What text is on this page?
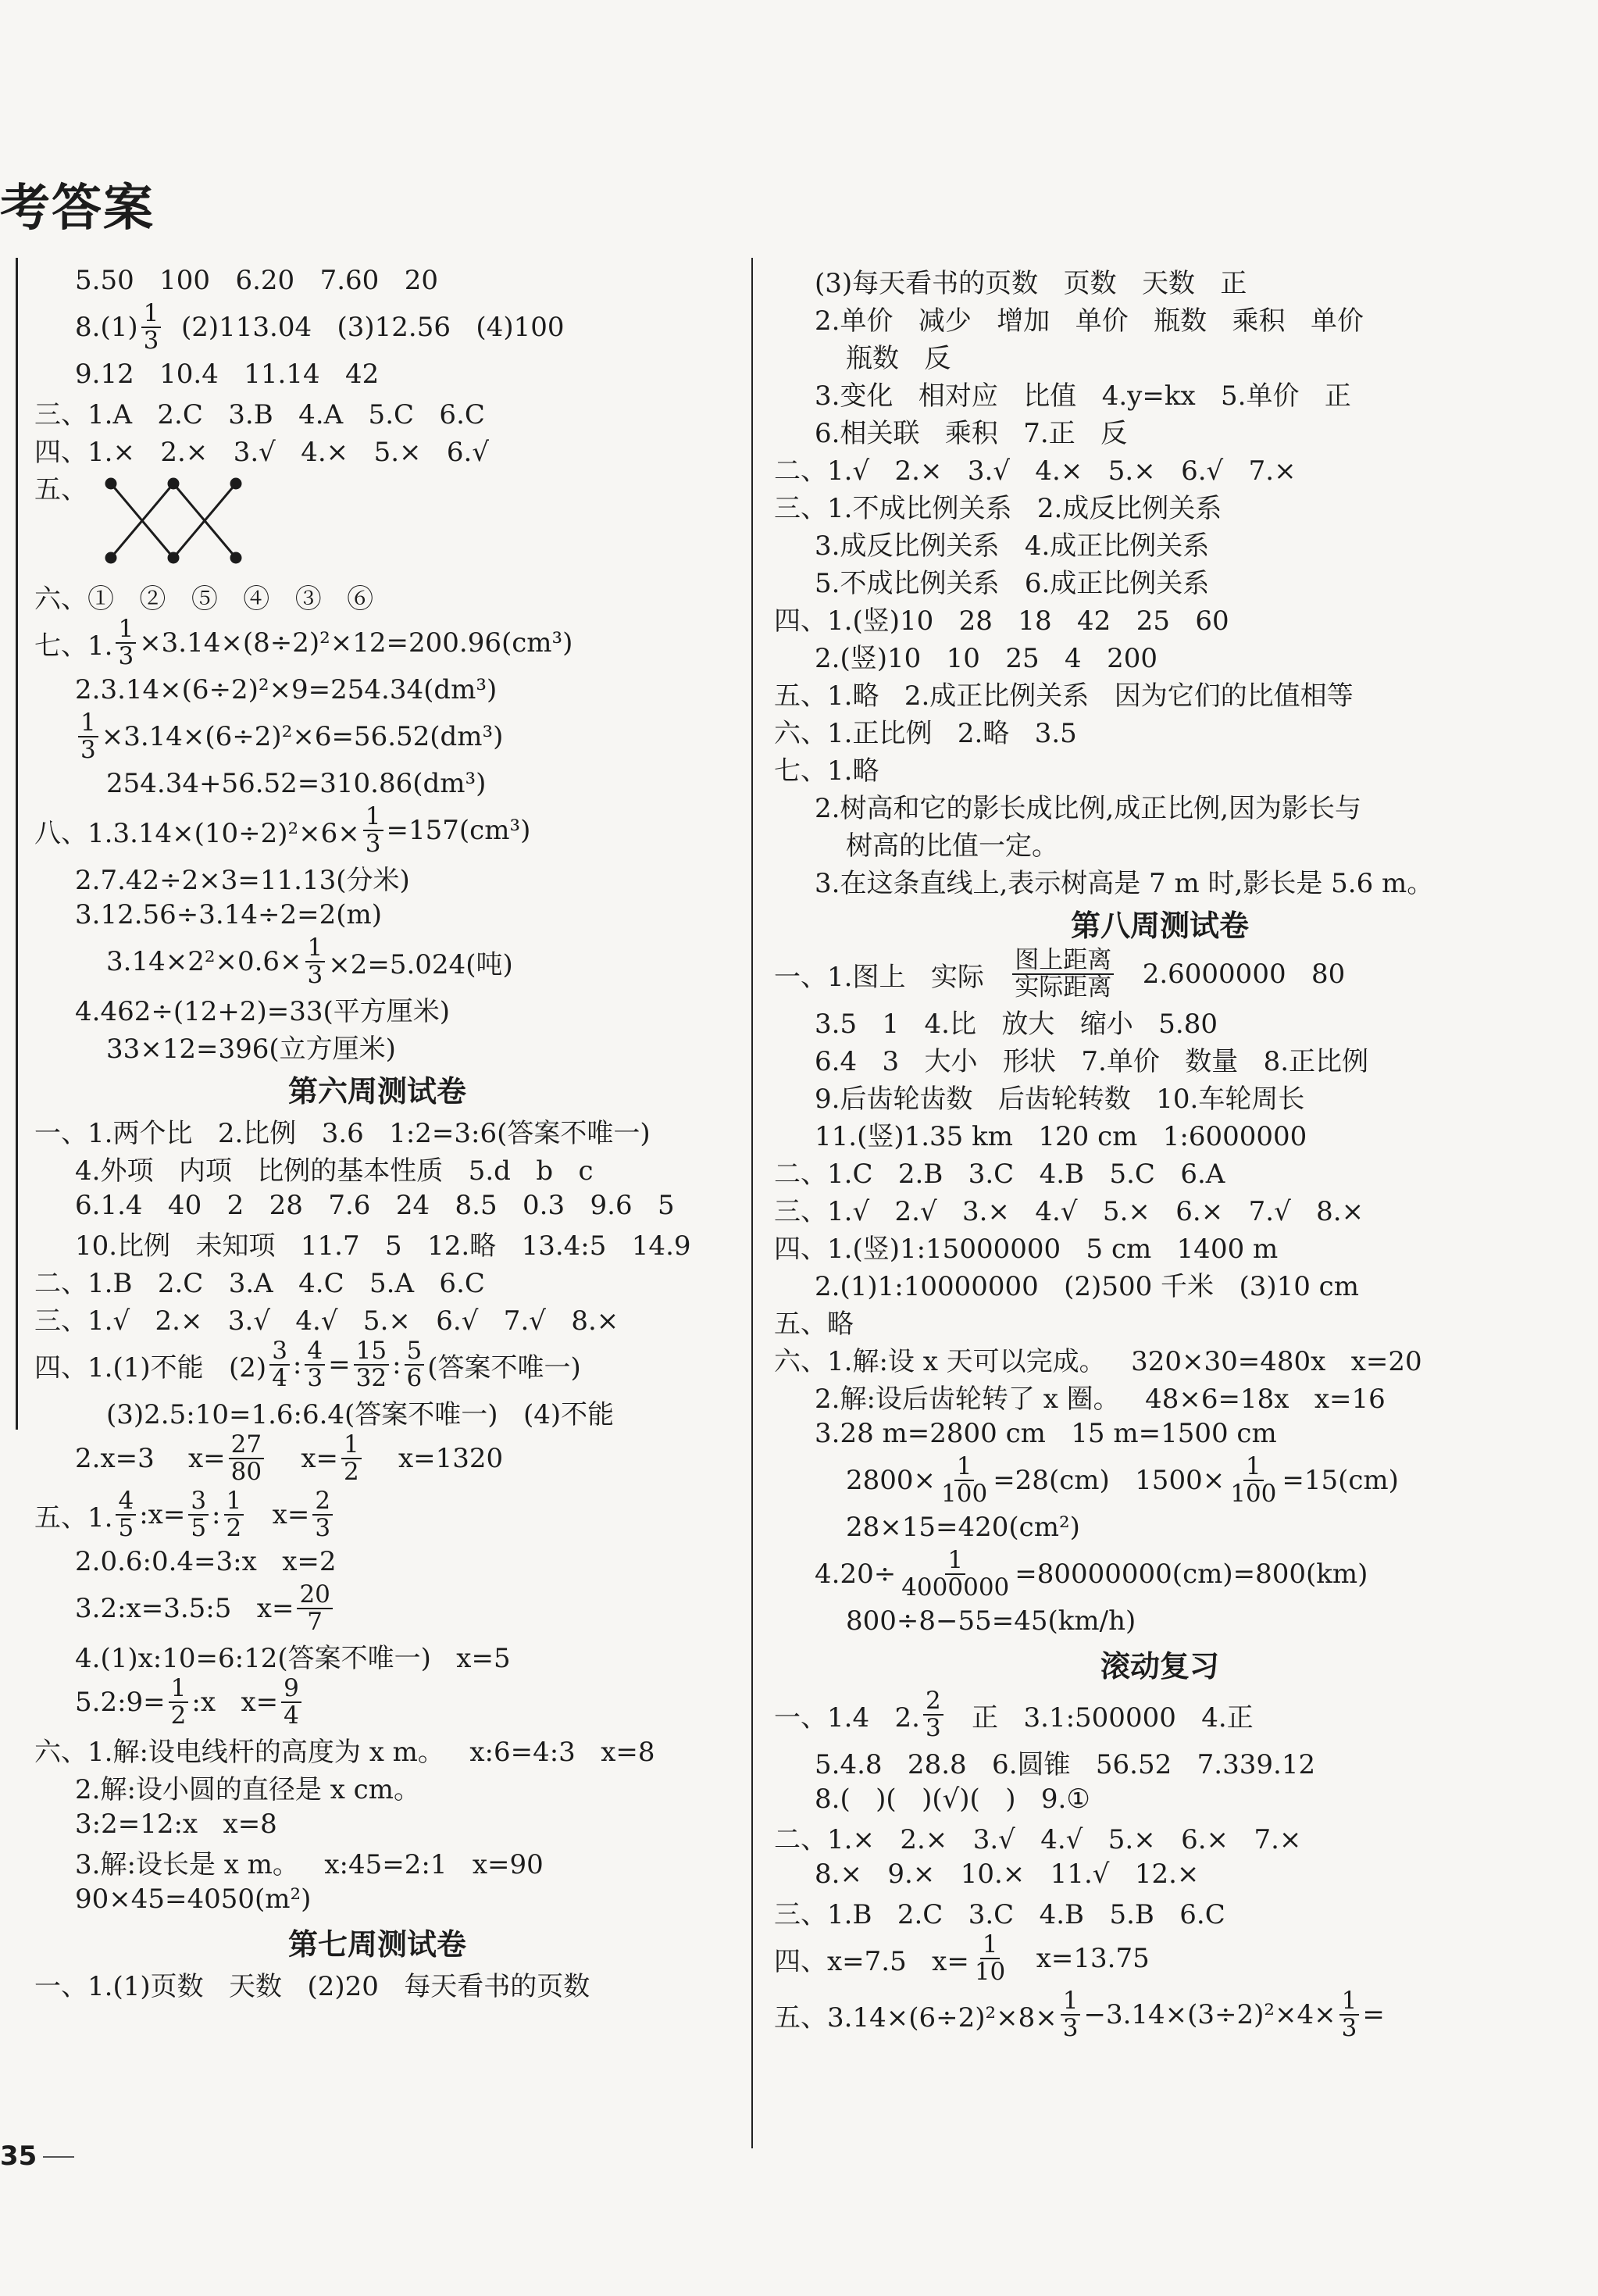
考答案
5.50   100   6.20   7.60   20
$8.(1) \frac{1}{3} (2)113.04$   (3)12.56   (4)100
9.12   10.4   11.14   42
三、1.A   2.C   3.B   4.A   5.C   6.C
四、1.×   2.×   3.√   4.×   5.×   6.√
五、
六、①   ②   ⑤   ④   ③   ⑥
七、1. $\frac{1}{3} \times 3.14\times(8\div 2)^2\times 12=200.96(cm^3)$
2.3.14×(6÷2)²×9=254.34(dm³)
$\frac{1}{3} \times 3.14\times(6\div 2)^2\times 6=56.52(dm^3)$
254.34+56.52=310.86(dm³)
八、$1.3.14\times(10\div 2)^2\times 6\times \frac{1}{3} =157(cm^3)$
2.7.42÷2×3=11.13(分米)
3.12.56÷3.14÷2=2(m)
$3.14\times 2^2\times 0.6\times \frac{1}{3} \times 2=5.024$(吨)
4.462÷(12+2)=33(平方厘米)
33×12=396(立方厘米)
第六周测试卷
一、1.两个比   2.比例   3.6   1:2=3:6(答案不唯一)
4.外项   内项   比例的基本性质   5.d   b   c
6.1.4   40   2   28   7.6   24   8.5   0.3   9.6   5
10.比例   未知项   11.7   5   12.略   13.4:5   14.9
二、1.B   2.C   3.A   4.C   5.A   6.C
三、1.√   2.×   3.√   4.√   5.×   6.√   7.√   8.×
四、1.(1)不能   $(2) \frac{3}{4}$ : $\frac{4}{3} = \frac{15}{32}$ : $\frac{5}{6}$ (答案不唯一)
(3)2.5:10=1.6:6.4(答案不唯一)   (4)不能
2.x=3    $x= \frac{27}{80} x= \frac{1}{2} x=1320$
五、1. $\frac{4}{5}$ :x= $\frac{3}{5}$ : $\frac{1}{2} x= \frac{2}{3}$
2.0.6:0.4=3:x   x=2
3.2:x=3.5:5   $x= \frac{20}{7}$
4.(1)x:10=6:12(答案不唯一)   x=5
5.2:9= $\frac{1}{2}$ :x   $x= \frac{9}{4}$
六、1.解:设电线杆的高度为 x m。   x:6=4:3   x=8
2.解:设小圆的直径是 x cm。
3:2=12:x   x=8
3.解:设长是 x m。   x:45=2:1   x=90
90×45=4050(m²)
第七周测试卷
一、1.(1)页数   天数   (2)20   每天看书的页数
(3)每天看书的页数   页数   天数   正
2.单价   减少   增加   单价   瓶数   乘积   单价
瓶数   反
3.变化   相对应   比值   4.y=kx   5.单价   正
6.相关联   乘积   7.正   反
二、1.√   2.×   3.√   4.×   5.×   6.√   7.×
三、1.不成比例关系   2.成反比例关系
3.成反比例关系   4.成正比例关系
5.不成比例关系   6.成正比例关系
四、1.(竖)10   28   18   42   25   60
2.(竖)10   10   25   4   200
五、1.略   2.成正比例关系   因为它们的比值相等
六、1.正比例   2.略   3.5
七、1.略
2.树高和它的影长成比例,成正比例,因为影长与
树高的比值一定。
3.在这条直线上,表示树高是 7 m 时,影长是 5.6 m。
第八周测试卷
一、1.图上   实际 $\frac{\text{图上距离}}{\text{实际距离}} 2.6000000$   80
3.5   1   4.比   放大   缩小   5.80
6.4   3   大小   形状   7.单价   数量   8.正比例
9.后齿轮齿数   后齿轮转数   10.车轮周长
11.(竖)1.35 km   120 cm   1:6000000
二、1.C   2.B   3.C   4.B   5.C   6.A
三、1.√   2.√   3.×   4.√   5.×   6.×   7.√   8.×
四、1.(竖)1:15000000   5 cm   1400 m
2.(1)1:10000000   (2)500 千米   (3)10 cm
五、略
六、1.解:设 x 天可以完成。   320×30=480x   x=20
2.解:设后齿轮转了 x 圈。   48×6=18x   x=16
3.28 m=2800 cm   15 m=1500 cm
$2800\times \frac{1}{100} =28(cm)$   $1500\times \frac{1}{100} =15(cm)$
28×15=420(cm²)
$4.20\div \frac{1}{4000000} =80000000(cm)=800(km)$
800÷8−55=45(km/h)
滚动复习
一、1.4   2. $\frac{2}{3}$ 正   3.1:500000   4.正
5.4.8   28.8   6.圆锥   56.52   7.339.12
8.(   )(   )(√)(   )   9.①
二、1.×   2.×   3.√   4.√   5.×   6.×   7.×
8.×   9.×   10.×   11.√   12.×
三、1.B   2.C   3.C   4.B   5.B   6.C
四、x=7.5   $x= \frac{1}{10} x=13.75$
五、$3.14\times(6\div 2)^2\times 8\times \frac{1}{3} -3.14\times(3\div 2)^2\times 4\times \frac{1}{3}$ =
35
